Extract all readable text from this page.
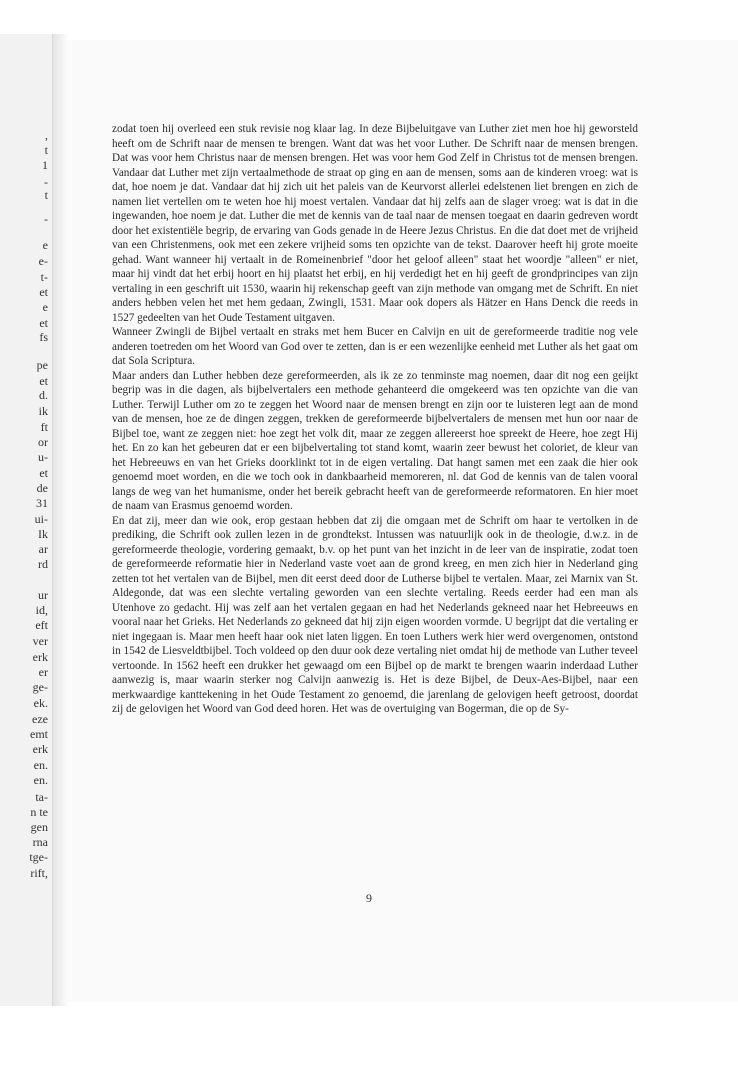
,
t
1
-
t
-
e
e-
t-
et
e
et
fs
pe
et
d.
ik
ft
or
u-
et
de
31
ui-
Ik
ar
rd
ur
id,
eft
ver
erk
er
ge-
ek.
eze
emt
erk
en.
en.
ta-
n te
gen
rna
tge-
rift,

zodat toen hij overleed een stuk revisie nog klaar lag. In deze Bijbeluitgave van Luther ziet men hoe hij geworsteld heeft om de Schrift naar de mensen te brengen. Want dat was het voor Luther. De Schrift naar de mensen brengen. Dat was voor hem Christus naar de mensen brengen. Het was voor hem God Zelf in Christus tot de mensen brengen. Vandaar dat Luther met zijn vertaalmethode de straat op ging en aan de mensen, soms aan de kinderen vroeg: wat is dat, hoe noem je dat. Vandaar dat hij zich uit het paleis van de Keurvorst allerlei edelstenen liet brengen en zich de namen liet vertellen om te weten hoe hij moest vertalen. Vandaar dat hij zelfs aan de slager vroeg: wat is dat in die ingewanden, hoe noem je dat. Luther die met de kennis van de taal naar de mensen toegaat en daarin gedreven wordt door het existentiële begrip, de ervaring van Gods genade in de Heere Jezus Christus. En die dat doet met de vrijheid van een Christenmens, ook met een zekere vrijheid soms ten opzichte van de tekst. Daarover heeft hij grote moeite gehad. Want wanneer hij vertaalt in de Romeinenbrief "door het geloof alleen" staat het woordje "alleen" er niet, maar hij vindt dat het erbij hoort en hij plaatst het erbij, en hij verdedigt het en hij geeft de grondprincipes van zijn vertaling in een geschrift uit 1530, waarin hij rekenschap geeft van zijn methode van omgang met de Schrift. En niet anders hebben velen het met hem gedaan, Zwingli, 1531. Maar ook dopers als Hätzer en Hans Denck die reeds in 1527 gedeelten van het Oude Testament uitgaven.

Wanneer Zwingli de Bijbel vertaalt en straks met hem Bucer en Calvijn en uit de gereformeerde traditie nog vele anderen toetreden om het Woord van God over te zetten, dan is er een wezenlijke eenheid met Luther als het gaat om dat Sola Scriptura.

Maar anders dan Luther hebben deze gereformeerden, als ik ze zo tenminste mag noemen, daar dit nog een geijkt begrip was in die dagen, als bijbelvertalers een methode gehanteerd die omgekeerd was ten opzichte van die van Luther. Terwijl Luther om zo te zeggen het Woord naar de mensen brengt en zijn oor te luisteren legt aan de mond van de mensen, hoe ze de dingen zeggen, trekken de gereformeerde bijbelvertalers de mensen met hun oor naar de Bijbel toe, want ze zeggen niet: hoe zegt het volk dit, maar ze zeggen allereerst hoe spreekt de Heere, hoe zegt Hij het. En zo kan het gebeuren dat er een bijbelvertaling tot stand komt, waarin zeer bewust het coloriet, de kleur van het Hebreeuws en van het Grieks doorklinkt tot in de eigen vertaling. Dat hangt samen met een zaak die hier ook genoemd moet worden, en die we toch ook in dankbaarheid memoreren, nl. dat God de kennis van de talen vooral langs de weg van het humanisme, onder het bereik gebracht heeft van de gereformeerde reformatoren. En hier moet de naam van Erasmus genoemd worden.

En dat zij, meer dan wie ook, erop gestaan hebben dat zij die omgaan met de Schrift om haar te vertolken in de prediking, die Schrift ook zullen lezen in de grondtekst. Intussen was natuurlijk ook in de theologie, d.w.z. in de gereformeerde theologie, vordering gemaakt, b.v. op het punt van het inzicht in de leer van de inspiratie, zodat toen de gereformeerde reformatie hier in Nederland vaste voet aan de grond kreeg, en men zich hier in Nederland ging zetten tot het vertalen van de Bijbel, men dit eerst deed door de Lutherse bijbel te vertalen. Maar, zei Marnix van St. Aldegonde, dat was een slechte vertaling geworden van een slechte vertaling. Reeds eerder had een man als Utenhove zo gedacht. Hij was zelf aan het vertalen gegaan en had het Nederlands gekneed naar het Hebreeuws en vooral naar het Grieks. Het Nederlands zo gekneed dat hij zijn eigen woorden vormde. U begrijpt dat die vertaling er niet ingegaan is. Maar men heeft haar ook niet laten liggen. En toen Luthers werk hier werd overgenomen, ontstond in 1542 de Liesveldtbijbel. Toch voldeed op den duur ook deze vertaling niet omdat hij de methode van Luther teveel vertoonde. In 1562 heeft een drukker het gewaagd om een Bijbel op de markt te brengen waarin inderdaad Luther aanwezig is, maar waarin sterker nog Calvijn aanwezig is. Het is deze Bijbel, de Deux-Aes-Bijbel, naar een merkwaardige kanttekening in het Oude Testament zo genoemd, die jarenlang de gelovigen heeft getroost, doordat zij de gelovigen het Woord van God deed horen. Het was de overtuiging van Bogerman, die op de Sy-

9
